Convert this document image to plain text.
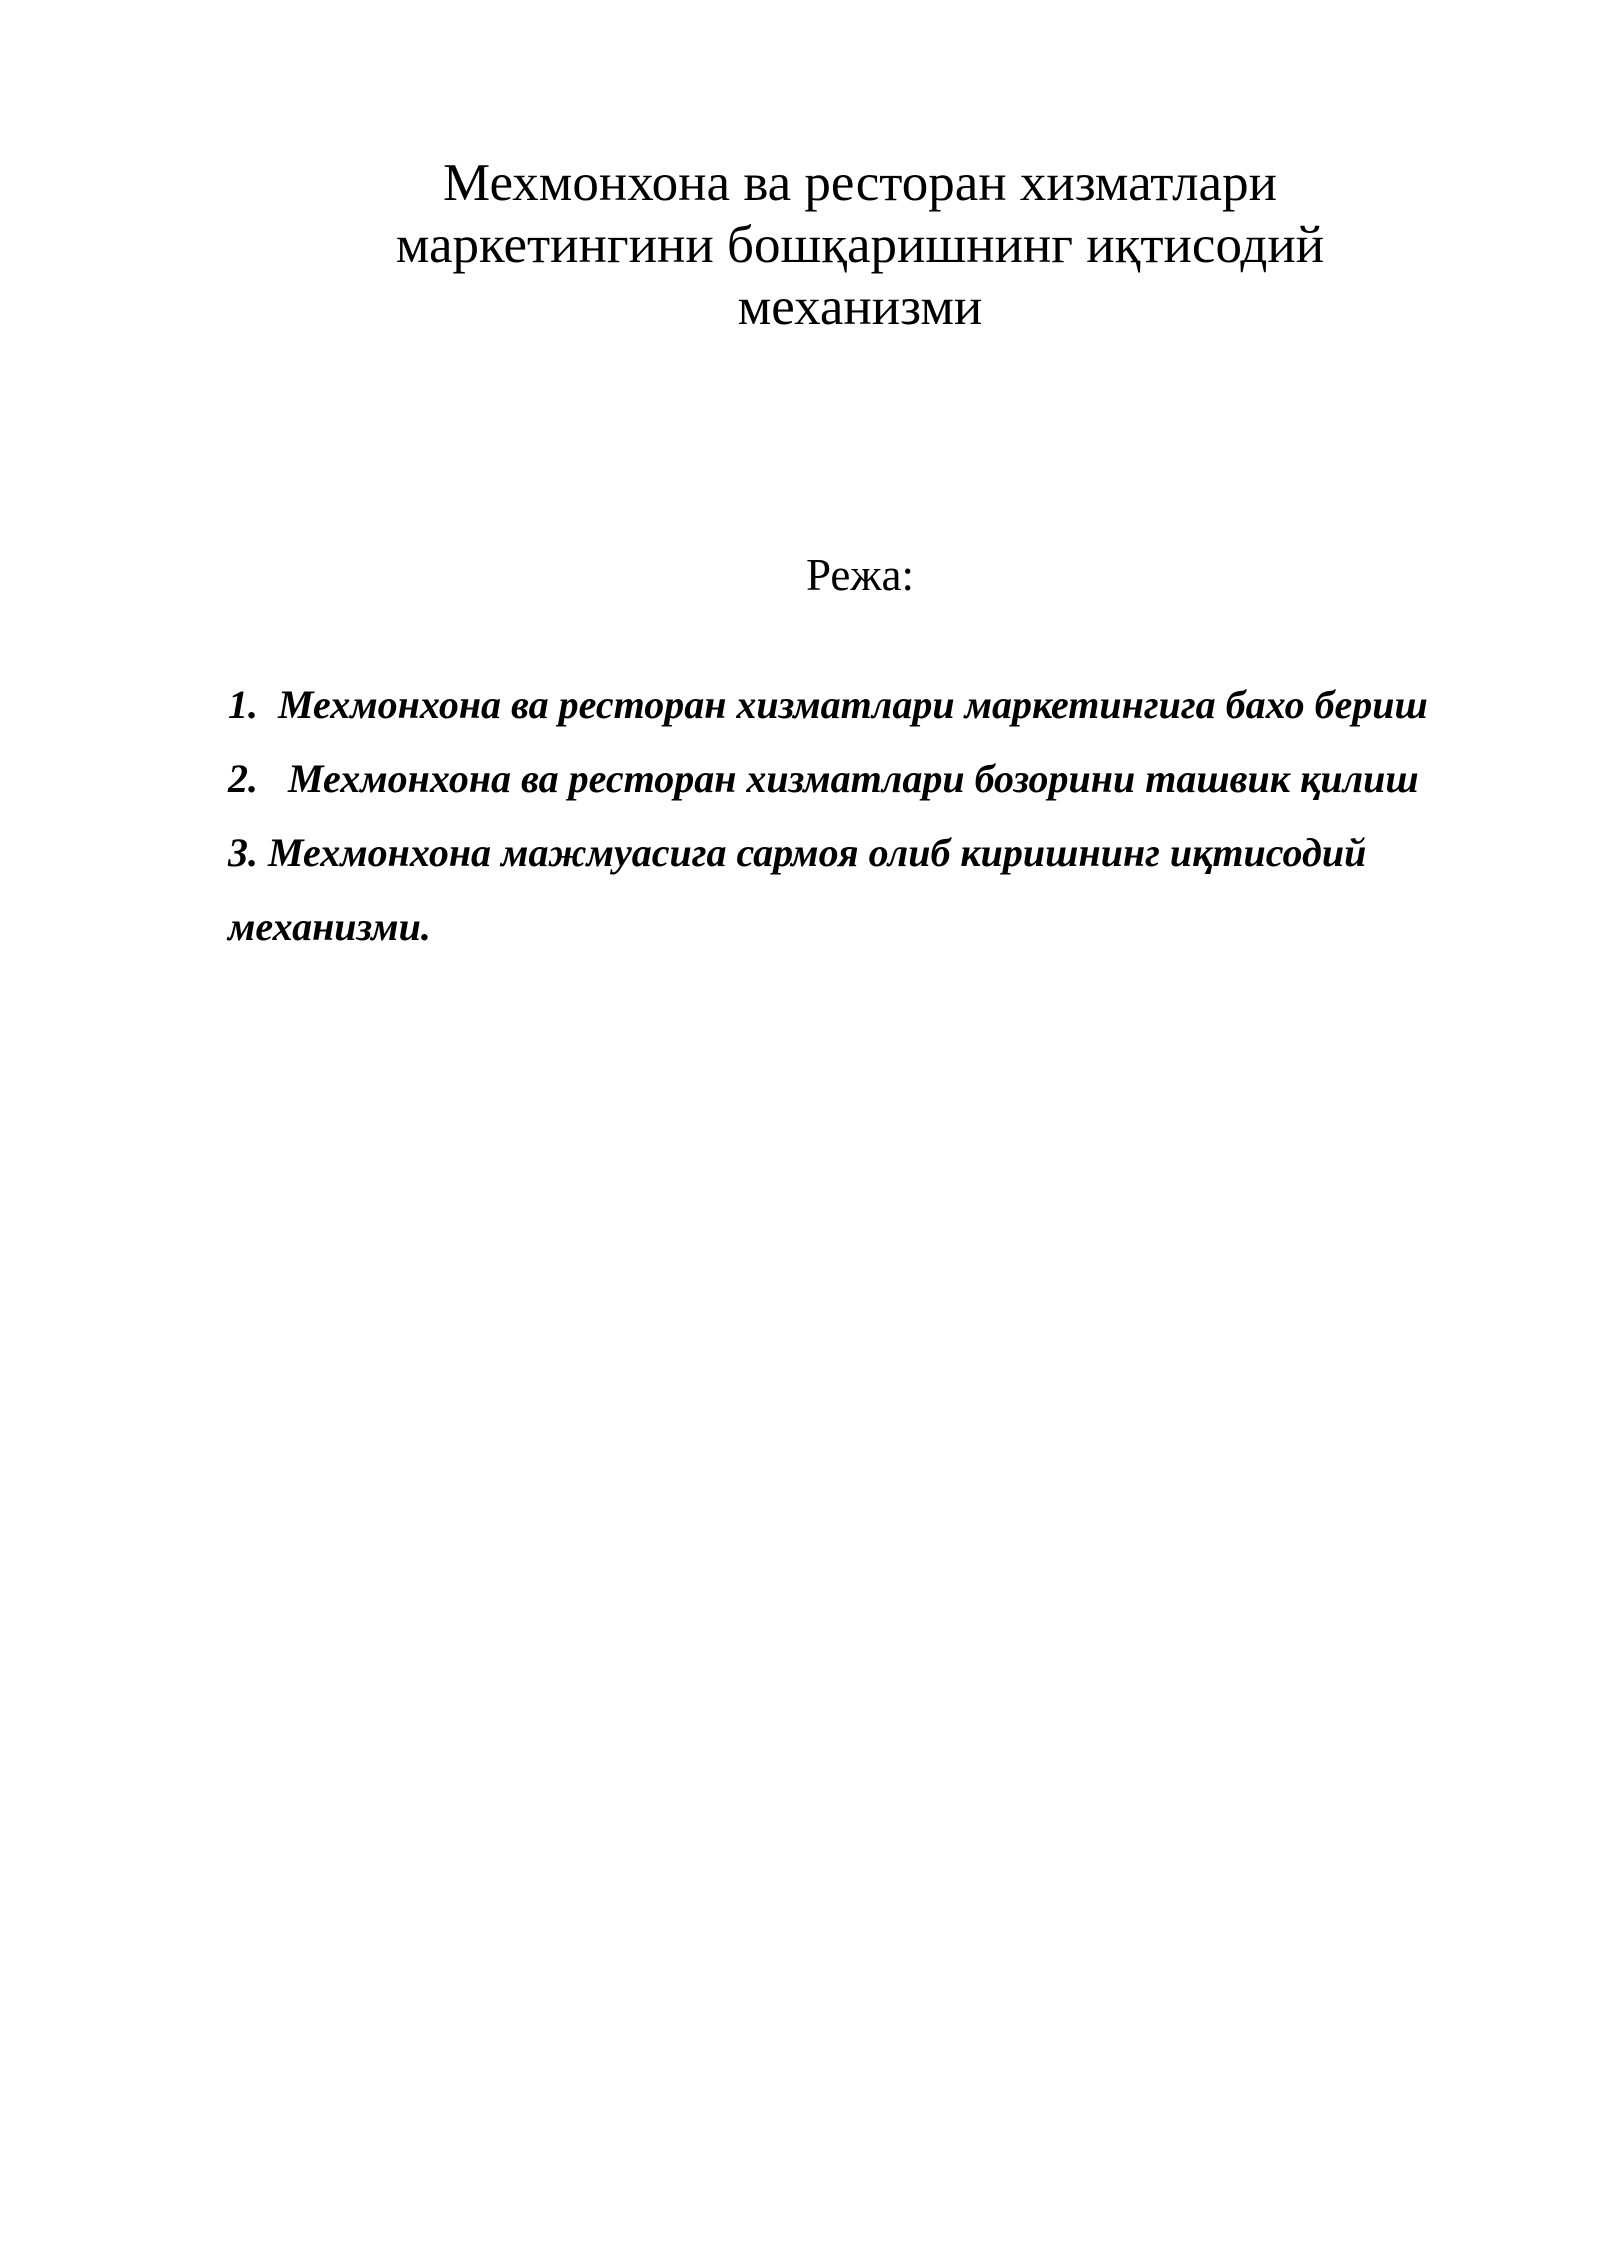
Мехмонхона ва ресторан хизматлари
маркетингини бошқаришнинг иқтисодий
механизми
Режа:
1.  Мехмонхона ва ресторан хизматлари маркетингига бахо бериш
2.   Мехмонхона ва ресторан хизматлари бозорини ташвик қилиш
3. Мехмонхона мажмуасига сармоя олиб киришнинг иқтисодий механизми.
